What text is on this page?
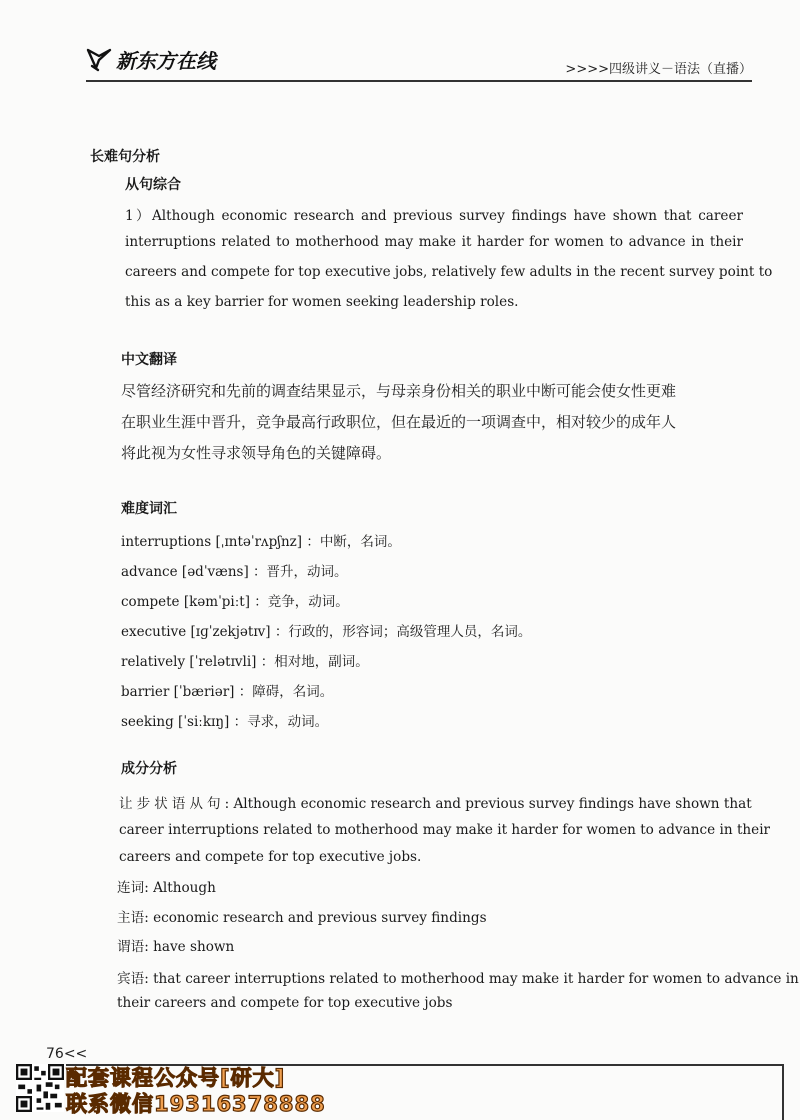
新东方在线	>>>>四级讲义－语法（直播）
长难句分析
从句综合
1）Although economic research and previous survey findings have shown that career
interruptions related to motherhood may make it harder for women to advance in their
careers and compete for top executive jobs, relatively few adults in the recent survey point to
this as a key barrier for women seeking leadership roles.
中文翻译
尽管经济研究和先前的调查结果显示，与母亲身份相关的职业中断可能会使女性更难
在职业生涯中晋升，竞争最高行政职位，但在最近的一项调查中，相对较少的成年人
将此视为女性寻求领导角色的关键障碍。
难度词汇
interruptions [ˌɪntəˈrʌpʃnz] ：中断，名词。
advance [ədˈvæns] ：晋升，动词。
compete [kəmˈpiːt] ：竞争，动词。
executive [ɪɡˈzekjətɪv] ：行政的，形容词；高级管理人员，名词。
relatively [ˈrelətɪvli] ：相对地，副词。
barrier [ˈbæriər] ：障碍，名词。
seeking [ˈsiːkɪŋ] ：寻求，动词。
成分分析
让步状语从句: Although economic research and previous survey findings have shown that
career interruptions related to motherhood may make it harder for women to advance in their
careers and compete for top executive jobs.
连词: Although
主语: economic research and previous survey findings
谓语: have shown
宾语: that career interruptions related to motherhood may make it harder for women to advance in
their careers and compete for top executive jobs
76<<
配套课程公众号[研大]
联系微信19316378888
